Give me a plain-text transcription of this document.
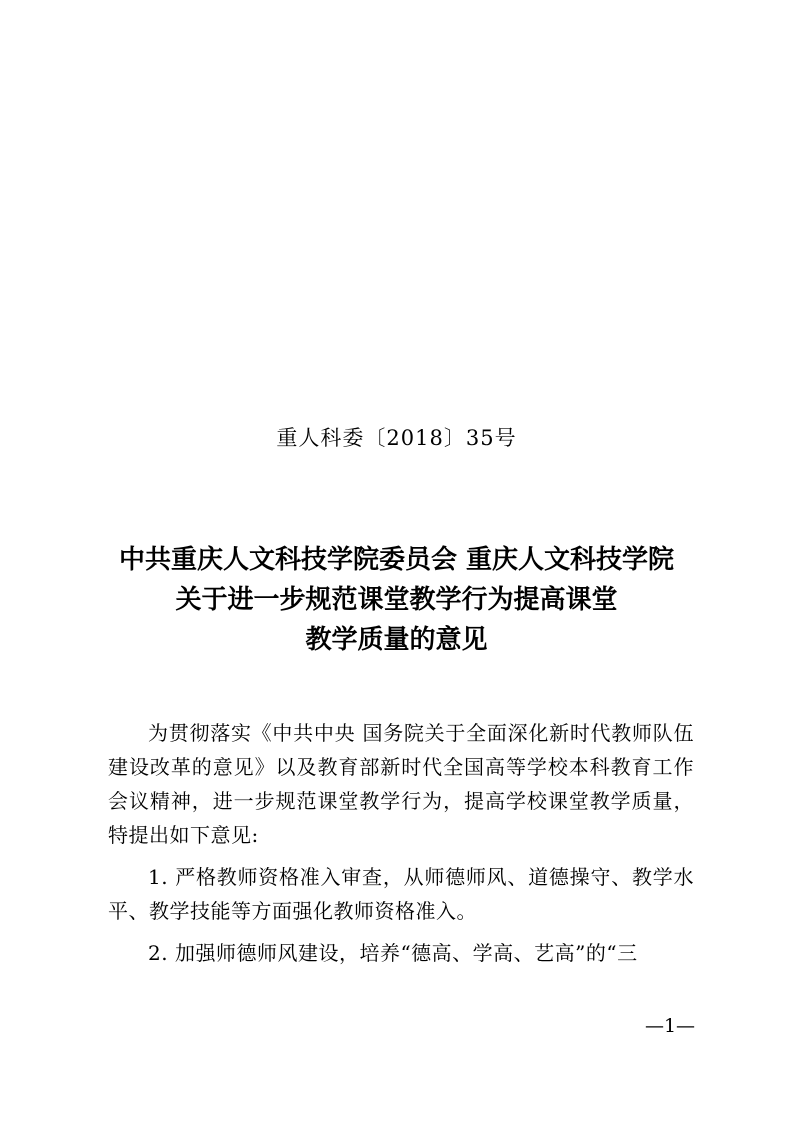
重人科委〔2018〕35号

中共重庆人文科技学院委员会 重庆人文科技学院
关于进一步规范课堂教学行为提高课堂
教学质量的意见

为贯彻落实《中共中央 国务院关于全面深化新时代教师队伍建设改革的意见》以及教育部新时代全国高等学校本科教育工作会议精神，进一步规范课堂教学行为，提高学校课堂教学质量，特提出如下意见:

1. 严格教师资格准入审查，从师德师风、道德操守、教学水平、教学技能等方面强化教师资格准入。

2. 加强师德师风建设，培养“德高、学高、艺高”的“三

—1—
